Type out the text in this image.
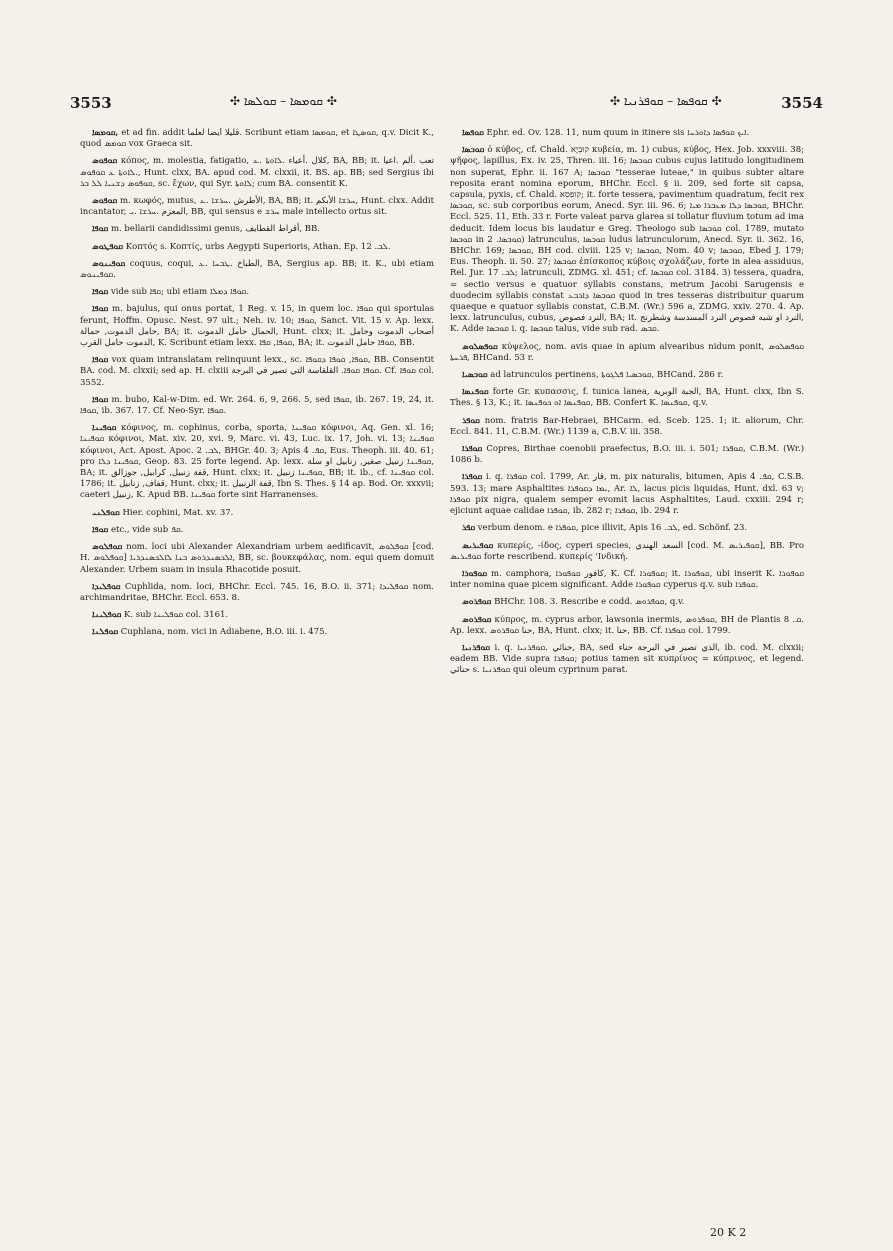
3553	✣ ܩܘܡܣܐ – ܩܘܠܣܐ ✣	✣ ܩܘܦܣܐ – ܩܘܦܪܢܝܐ ✣	3554

ܩܘܡܣܐ, et ad fin. addit قليلا أيضا لعلما. Scribunt etiam ܩܘܡܣܐ, et ܩܘܣܛܐ, q.v. Dicit K., quod ܩܘܡܣ vox Graeca sit.

ܩܘܦܘܣ κόπος, m. molestia, fatigatio, كلال .أعياء .ܠܐܘܬܐ .ܥ, BA, BB; it. تعب .ألم .اعيا .ܠܐܘܬܐ ܥ ܩܘܦܘܣ, Hunt. clxx, BA. apud cod. M. clxxii, it. BS. ap. BB; sed Sergius ibi ܩܘܦܘܣ ܕܫܢܝܐ ܠܠ ܒܪ, sc. ἔχων, qui Syr. ܠܐܘܬܐ; cum BA. consentit K.

ܩܘܦܘܣ m. κωφός, mutus, الأطرش .ܚܪܫܐ .ܥ, BA, BB; it. ܚܪܫܐ الأبكم, Hunt. clxx. Addit incantator, المعزم .ܚܪܫܐ .ܝ, BB, qui sensus e ܚܪܫ male intellecto ortus sit.

ܩܘܦܐ m. bellarii candidissimi genus, أقراط القطايف, BB.

ܩܘܦܛܘܣ Κοπτός s. Κοπτίς, urbs Aegypti Superioris, Athan. Ep. ܠܒ. 12.

ܩܘܦܝܢܘܣ coquus, coqui, الطباخ .ܛܒܚܐ .ܥ, BA, Sergius ap. BB; it. K., ubi etiam ܩܘܦܝܢܘܣ.

ܩܘܦܐ vide sub ܩܦܐ; ubi etiam ܩܘܦܐ ܕܡܠܐ.

ܩܘܦܐ m. bajulus, qui onus portat, 1 Reg. v. 15, in quem loc. ܩܘܦܐ qui sportulas ferunt, Hoffm. Opusc. Nest. 97 ult.; Neh. iv. 10; ܩܘܦܐ, Sanct. Vit. 15 v. Ap. lexx. حامل الدموت, حمالة, BA; it. الحمال حامل الدموت, Hunt. clxx; it. أصحاب الدموت وحامل الدموت حامل القرب, K. Scribunt etiam lexx. ܩܘܦܐ, ܩܦܐ, BA; it. ܩܘܦܐ حامل الدموت, BB.

ܩܘܦܐ vox quam intranslatam relinquunt lexx., sc. ܩܘܦܐ, ܩܘܦܐ ܕܩܘܦܐ, BB. Consentit BA. cod. M. clxxii; sed ap. H. clxiii ܩܘܦܐ ܩܘܦܐ. القلقاسة التي تصير في البرجة. Cf. ܩܘܦܐ col. 3552.

ܩܘܦܐ m. bubo, Kal-w-Dim. ed. Wr. 264. 6, 9, 266. 5, sed ܩܘܦܐ, ib. 267. 19, 24, it. ܩܘܦܐ, ib. 367. 17. Cf. Neo-Syr. ܩܘܦܐ.

ܩܘܦܝܢܐ κόφινος, m. cophinus, corba, sporta, ܩܘܦܝܢܐ κόφινοι, Aq. Gen. xl. 16; ܩܘܦܝܢܐ κόφινοι, Mat. xiv. 20, xvi. 9, Marc. vi. 43, Luc. ix. 17, Joh. vi. 13; ܩܘܦܝܢܐ κόφινοι, Act. Apost. Apoc. ܠܒ. 2, BHGr. 40. 3; Apis ܩܦ. 4, Eus. Theoph. iii. 40. 61; pro ܩܘܦܝܢܐ ܕܠܐ, Geop. 83. 25 forte legend. Ap. lexx. ܩܘܦܝܢܐ زنبيل صغير, زنابيل او سلة, BA; it. قفة زنبيل, كرابيل, جوزالق, Hunt. clxx; it. ܩܘܦܝܢܐ زنبيل, BB; it. ib., cf. ܩܘܦܝܢܐ col. 1786; it. قفاف, زنابيل, Hunt. clxx; it. قفة الزنبيل, Ibn S. Thes. § 14 ap. Bod. Or. xxxvii; caeteri زنبيل, K. Apud BB. ܩܘܦܝܢܐ forte sint Harranenses.

ܩܘܦܠܢܝ Hier. cophini, Mat. xv. 37.

ܩܘܦܐ etc., vide sub ܩܦ.

ܩܘܦܠܘܣ nom. loci ubi Alexander Alexandriam urbem aedificavit, ܩܘܦܠܘܣ [cod. H. ܩܘܦܠܘܣ] ܐܠܟܣܢܕܪܘܣ ܒܢܐ ܠܐܠܟܣܢܕܪܝܐ, BB, sc. βουκεφάλας, nom. equi quem domuit Alexander. Urbem suam in insula Rhacotide posuit.

ܩܘܦܠܝܕܐ Cuphlida, nom. loci, BHChr. Eccl. 745. 16, B.O. ii. 371; ܩܘܦܠܝܕܐ nom. archimandritae, BHChr. Eccl. 653. 8.

ܩܘܦܠܝܢܐ K. sub ܩܘܦܠܝܢܐ col. 3161.

ܩܘܦܠܢܐ Cuphlana, nom. vici in Adiabene, B.O. iii. i. 475.

ܩܘܦܣܐ Ephr. ed. Ov. 128. 11, num quum in itinere sis ܐܝܟ ܩܘܦܣܐ ܕܐܘܪܚܐ.

ܩܘܒܣܐ ὁ κύβος, cf. Chald. קוּבְיָא κυβεία, m. 1) cubus, κύβος, Hex. Job. xxxviii. 38; ψῆφος, lapillus, Ex. iv. 25, Thren. iii. 16; ܩܘܒܣܐ cubus cujus latitudo longitudinem non superat, Ephr. ii. 167 A; ܩܘܒܣܐ "tesserae luteae," in quibus subter altare reposita erant nomina eporum, BHChr. Eccl. § ii. 209, sed forte sit capsa, capsula, pyxis, cf. Chald. קופסא; it. forte tessera, pavimentum quadratum, fecit rex ܩܘܒܣܐ, sc. sub corporibus eorum, Anecd. Syr. iii. 96. 6; ܩܘܒܣܐ ܕܠܐ ܡܥܒܪܐ ܡܝܐ, BHChr. Eccl. 525. 11, Eth. 33 r. Forte valeat parva glarea si tollatur fluvium totum ad ima deducit. Idem locus bis laudatur e Greg. Theologo sub ܩܘܒܣܐ col. 1789, mutato ܩܘܒܣܐ in ܩܘܒܣܐ. 2) latrunculus, ܩܘܒܣܐ ludus latrunculorum, Anecd. Syr. ii. 362. 16, BHChr. 169; ܩܘܒܣܐ, BH cod. clviii. 125 v; ܩܘܒܣܐ, Nom. 40 v; ܩܘܒܣܐ, Ebed J. 179; Eus. Theoph. ii. 50. 27; ܩܘܒܣܐ ἐπίσκοπος κύβοις σχολάζων, forte in alea assiduus, Rel. Jur. ܠܒ. 17; latrunculi, ZDMG. xl. 451; cf. ܩܘܒܣܐ col. 3184. 3) tessera, quadra, = sectio versus e quatuor syllabis constans, metrum Jacobi Sarugensis e duodecim syllabis constat ܩܘܒܣܐ ܕܐܪܒܥ quod in tres tesseras distribuitur quarum quaeque e quatuor syllabis constat, C.B.M. (Wr.) 596 a, ZDMG. xxiv. 270. 4. Ap. lexx. latrunculus, cubus, النرد فصوص, BA; it. النرد او شبه فصوص النرد المسدسة وشطرنج, K. Adde ܩܘܒܣܐ i. q. ܩܘܒܣܐ talus, vide sub rad. ܩܒܣ.

ܩܘܦܣܠܘܣ κύψελος, nom. avis quae in apium alvearibus nidum ponit, ܩܘܦܣܠܘܣ ܦܪܚܬܐ, BHCand. 53 r.

ܩܘܒܣܝܐ ad latrunculos pertinens, ܩܘܒܣܝܐ ܦܠܓܘܬܐ, BHCand. 286 r.

ܩܘܦܢܣܐ forte Gr. κυπασσις, f. tunica lanea, الجبة الوبرية, BA, Hunt. clxx, Ibn S. Thes. § 13, K.; it. ܩܘܦܢܣܐ ܐܘ ܟܘܦܢܣܐ, BB. Confert K. ܩܘܦܢܣܐ, q.v.

ܩܘܦܪ nom. fratris Bar-Hebraei, BHCarm. ed. Sceb. 125. 1; it. aliorum, Chr. Eccl. 841. 11, C.B.M. (Wr.) 1139 a, C.B.V. iii. 358.

ܩܘܦܪܐ Copres, Birthae coenobii praefectus, B.O. iii. i. 501; ܩܘܦܪܐ, C.B.M. (Wr.) 1086 b.

ܩܘܦܪܐ i. q. ܩܘܦܪܐ col. 1799, Ar. قار, m. pix naturalis, bitumen, Apis ܩܦ. 4, C.S.B. 593. 13; mare Asphaltites ܝܡܐ ܕܩܘܦܪܐ, Ar. ܠܐ, lacus picis liquidas, Hunt. dxl. 63 v; ܩܘܦܪܐ pix nigra, qualem semper evomit lacus Asphaltites, Laud. cxxiii. 294 r; ejiciunt aquae calidae ܩܘܦܪܐ, ib. 282 r; ܩܘܦܪܐ, ib. 294 r.

ܩܦܪ verbum denom. e ܩܘܦܪܐ, pice illivit, Apis ܠܒ. 16, ed. Schönf. 23.

ܩܘܦܝܪܝܣ κυπερίς, -ίδος, cyperi species, السعد الهندي [cod. M. ܩܘܦܝܪܝܣ], BB. Pro ܩܘܦܝܪܝܣ forte rescribend. κυπερίς 'Ινδική.

ܩܘܦܘܪܐ m. camphora, كافور ܩܘܦܘܪܐ, K. Cf. ܩܘܦܘܪܐ; it. ܩܘܦܘܪܐ, ubi inserit K. ܩܘܦܘܪܐ inter nomina quae picem significant. Adde ܩܘܦܘܪܐ cyperus q.v. sub ܩܘܦܪܐ.

ܩܘܦܪܘܣ BHChr. 108. 3. Rescribe e codd. ܩܘܦܪܘܣ, q.v.

ܩܘܦܪܘܣ κύπρος, m. cyprus arbor, lawsonia inermis, ܩܘܦܪܘܣ, BH de Plantis ܩ. 8. Ap. lexx. حنا ܩܘܦܪܘܣ, BA, Hunt. clxx; it. حنا, BB. Cf. ܩܘܦܪܐ col. 1799.

ܩܘܦܪܢܝܐ i. q. حنائي .ܩܘܦܪܢܝܐ, BA, sed الذي تصير في البرجة حناء, ib. cod. M. clxxii; eadem BB. Vide supra ܩܘܦܪܐ; potius tamen sit κυπρίνος = κύπρινος, et legend. حنائي s. ܩܘܦܪܢܝܐ qui oleum cyprinum parat.

20 K 2
